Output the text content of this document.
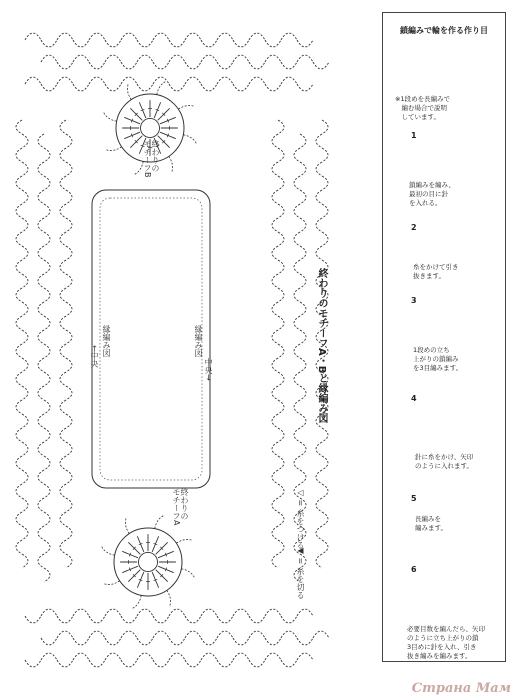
終わりのモチーフA・Bと縁編み図
終わりの
モチーフB
終わりの
モチーフA
縁編み図
←中央	縁編み図
中央→
◁ = 糸をつける
◀ = 糸を切る
鎖編みで輪を作る作り目
※1段めを長編みで
　編む場合で説明
　しています。
1
鎖編みを編み、
最初の目に針
を入れる。
2
糸をかけて引き
抜きます。
3
1段めの立ち
上がりの鎖編み
を3目編みます。
4
針に糸をかけ、矢印
のように入れます。
5
長編みを
編みます。
6
必要目数を編んだら、矢印
のように立ち上がりの鎖
3目めに針を入れ、引き
抜き編みを編みます。
Страна Мам
